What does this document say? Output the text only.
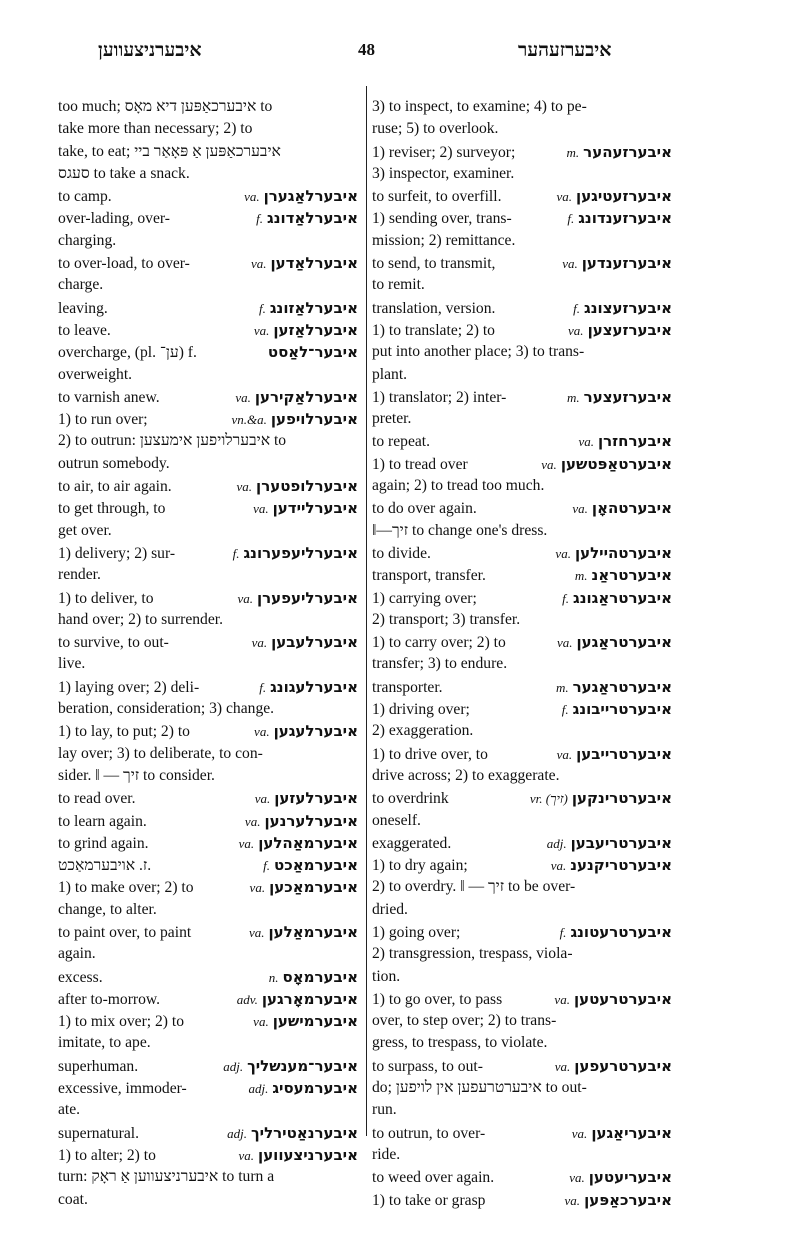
איבערניצעווען	48	איבערזעהער
too much; איבערכאַפּען דיא מאָס to
take more than necessary; 2) to
take, to eat; איבערכאַפּען אַ פּאָאַר ביי
סעגס to take a snack.
to camp.	va. איבערלאַגערן
over-lading, over-	f. איבערלאַדונג
charging.
to over-load, to over-	va. איבערלאַדען
charge.
leaving.	f. איבערלאַזונג
to leave.	va. איבערלאַזען
overcharge, (pl. ען־) f.	איבער־לאַסט
overweight.
to varnish anew.	va. איבערלאַקירען
1) to run over;	vn.&a. איבערלויפען
2) to outrun: איבערלויפען אימעצען to
outrun somebody.
to air, to air again.	va. איבערלופטערן
to get through, to	va. איבערליידען
get over.
1) delivery; 2) sur-	f. איבערליעפערונג
render.
1) to deliver, to	va. איבערליעפערן
hand over; 2) to surrender.
to survive, to out-	va. איבערלעבען
live.
1) laying over; 2) deli-	f. איבערלעגונג
beration, consideration; 3) change.
1) to lay, to put; 2) to	va. איבערלעגען
lay over; 3) to deliberate, to con-
sider. ‖ — זיך to consider.
to read over.	va. איבערלעזען
to learn again.	va. איבערלערנען
to grind again.	va. איבערמאַהלען
ז. אויבערמאַכט.	f. איבערמאַכט
1) to make over; 2) to	va. איבערמאַכען
change, to alter.
to paint over, to paint	va. איבערמאַלען
again.
excess.	n. איבערמאָס
after to-morrow.	adv. איבערמאָרגען
1) to mix over; 2) to	va. איבערמישען
imitate, to ape.
superhuman.	adj. איבער־מענשליך
excessive, immoder-	adj. איבערמעסיג
ate.
supernatural.	adj. איבערנאַטירליך
1) to alter; 2) to	va. איבערניצעווען
turn: איבערניצעווען אַ ראָק to turn a
coat.
3) to inspect, to examine; 4) to pe-
ruse; 5) to overlook.
1) reviser; 2) surveyor;	m. איבערזעהער
3) inspector, examiner.
to surfeit, to overfill.	va. איבערזעטיגען
1) sending over, trans-	f. איבערזענדונג
mission; 2) remittance.
to send, to transmit,	va. איבערזענדען
to remit.
translation, version.	f. איבערזעצונג
1) to translate; 2) to	va. איבערזעצען
put into another place; 3) to trans-
plant.
1) translator; 2) inter-	m. איבערזעצער
preter.
to repeat.	va. איבערחזרן
1) to tread over	va. איבערטאַפּטשען
again; 2) to tread too much.
to do over again.	va. איבערטהאָן
‖—זיך to change one's dress.
to divide.	va. איבערטהיילען
transport, transfer.	m. איבערטראַנ
1) carrying over;	f. איבערטראַגונג
2) transport; 3) transfer.
1) to carry over; 2) to	va. איבערטראַגען
transfer; 3) to endure.
transporter.	m. איבערטראַגער
1) driving over;	f. איבערטרייבונג
2) exaggeration.
1) to drive over, to	va. איבערטרייבען
drive across; 2) to exaggerate.
to overdrink	vr. (זיך) איבערטרינקען
oneself.
exaggerated.	adj. איבערטריעבען
1) to dry again;	va. איבערטריקנענ
2) to overdry. ‖ — זיך to be over-
dried.
1) going over;	f. איבערטרעטונג
2) transgression, trespass, viola-
tion.
1) to go over, to pass	va. איבערטרעטען
over, to step over; 2) to trans-
gress, to trespass, to violate.
to surpass, to out-	va. איבערטרעפען
do; איבערטרעפען אין לויפען to out-
run.
to outrun, to over-	va. איבעריאַגען
ride.
to weed over again.	va. איבעריעטען
1) to take or grasp	va. איבערכאַפּען
